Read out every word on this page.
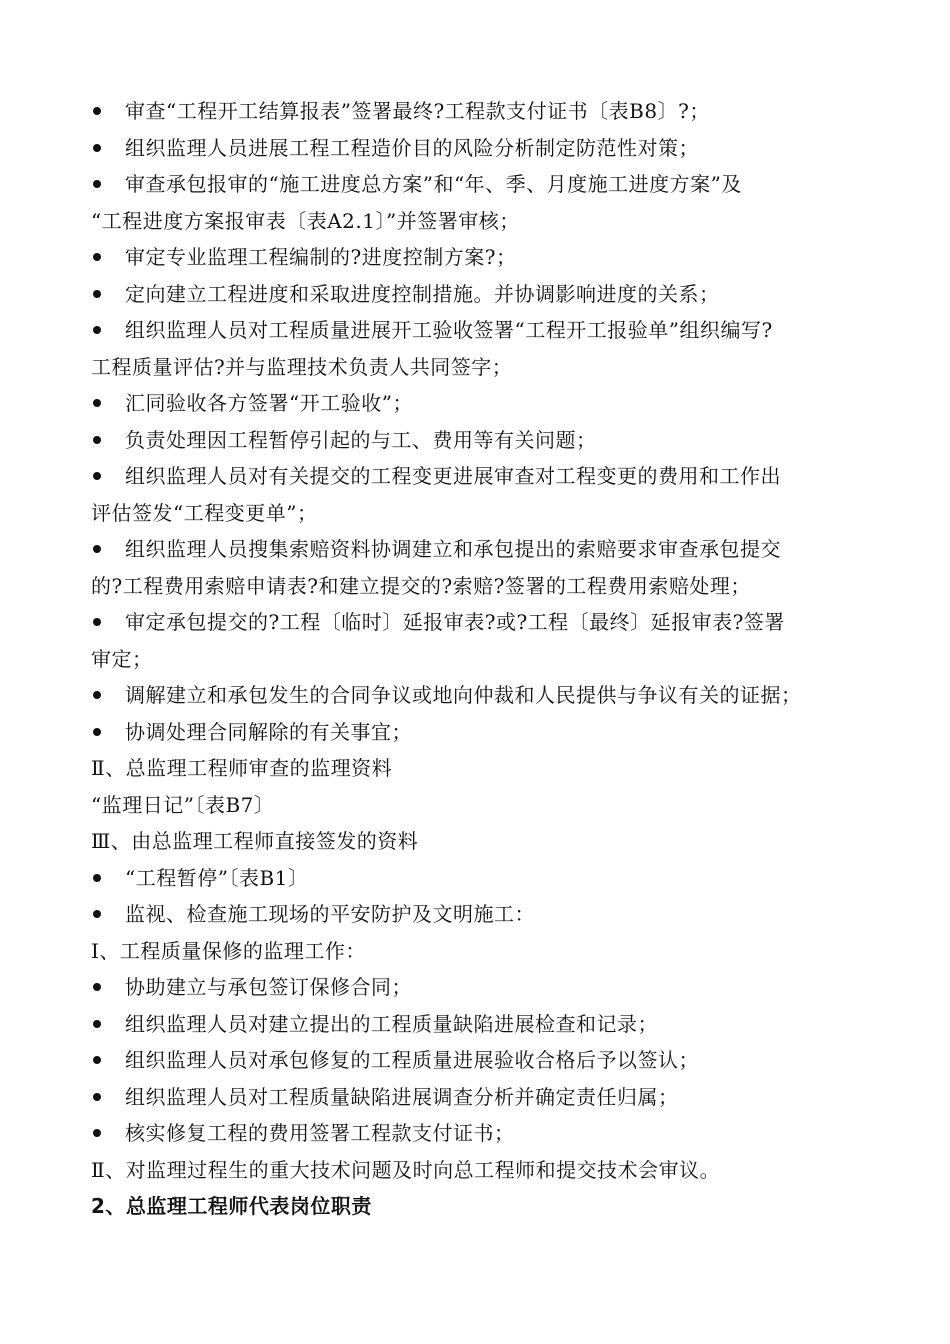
审查“工程开工结算报表”签署最终?工程款支付证书〔表B8〕?；

组织监理人员进展工程工程造价目的风险分析制定防范性对策；

审查承包报审的“施工进度总方案”和“年、季、月度施工进度方案”及

“工程进度方案报审表〔表A2.1〕”并签署审核；

审定专业监理工程编制的?进度控制方案?；

定向建立工程进度和采取进度控制措施。并协调影响进度的关系；

组织监理人员对工程质量进展开工验收签署“工程开工报验单”组织编写?

工程质量评估?并与监理技术负责人共同签字；

汇同验收各方签署“开工验收”；

负责处理因工程暂停引起的与工、费用等有关问题；

组织监理人员对有关提交的工程变更进展审查对工程变更的费用和工作出

评估签发“工程变更单”；

组织监理人员搜集索赔资料协调建立和承包提出的索赔要求审查承包提交

的?工程费用索赔申请表?和建立提交的?索赔?签署的工程费用索赔处理；

审定承包提交的?工程〔临时〕延报审表?或?工程〔最终〕延报审表?签署

审定；

调解建立和承包发生的合同争议或地向仲裁和人民提供与争议有关的证据；

协调处理合同解除的有关事宜；

Ⅱ、总监理工程师审查的监理资料

“监理日记”〔表B7〕

Ⅲ、由总监理工程师直接签发的资料

“工程暂停”〔表B1〕

监视、检查施工现场的平安防护及文明施工：

Ⅰ、工程质量保修的监理工作：

协助建立与承包签订保修合同；

组织监理人员对建立提出的工程质量缺陷进展检查和记录；

组织监理人员对承包修复的工程质量进展验收合格后予以签认；

组织监理人员对工程质量缺陷进展调查分析并确定责任归属；

核实修复工程的费用签署工程款支付证书；

Ⅱ、对监理过程生的重大技术问题及时向总工程师和提交技术会审议。

2、总监理工程师代表岗位职责
